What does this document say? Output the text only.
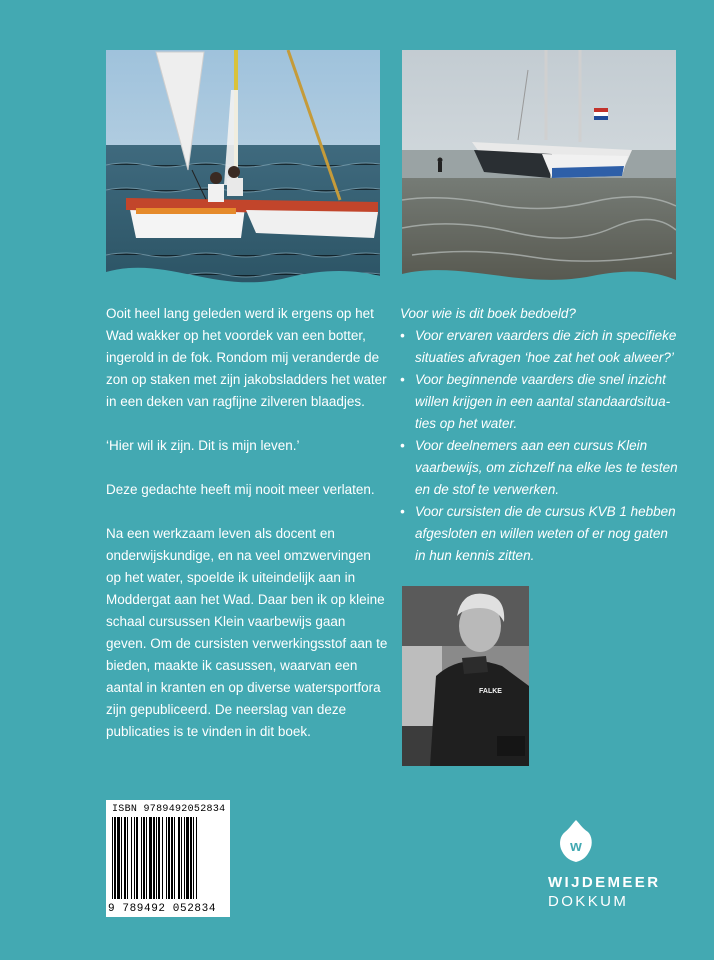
Ooit heel lang geleden werd ik ergens op het Wad wakker op het voordek van een botter, ingerold in de fok. Rondom mij veranderde de zon op staken met zijn jakobsladders het water in een deken van ragfijne zilveren blaadjes.

‘Hier wil ik zijn. Dit is mijn leven.’

Deze gedachte heeft mij nooit meer verlaten.

Na een werkzaam leven als docent en onderwijskundige, en na veel omzwervingen op het water, spoelde ik uiteindelijk aan in Moddergat aan het Wad. Daar ben ik op kleine schaal cursussen Klein vaarbewijs gaan geven. Om de cursisten verwerkingsstof aan te bieden, maakte ik casussen, waarvan een aantal in kranten en op diverse watersportfora zijn gepubliceerd. De neerslag van deze publicaties is te vinden in dit boek.

Voor wie is dit boek bedoeld?
• Voor ervaren vaarders die zich in specifieke situaties afvragen ‘hoe zat het ook alweer?’
• Voor beginnende vaarders die snel inzicht willen krijgen in een aantal standaardsituaties op het water.
• Voor deelnemers aan een cursus Klein vaarbewijs, om zichzelf na elke les te testen en de stof te verwerken.
• Voor cursisten die de cursus KVB 1 hebben afgesloten en willen weten of er nog gaten in hun kennis zitten.
FALKE
ISBN 9789492052834
9 789492 052834
w
WIJDEMEER
DOKKUM
